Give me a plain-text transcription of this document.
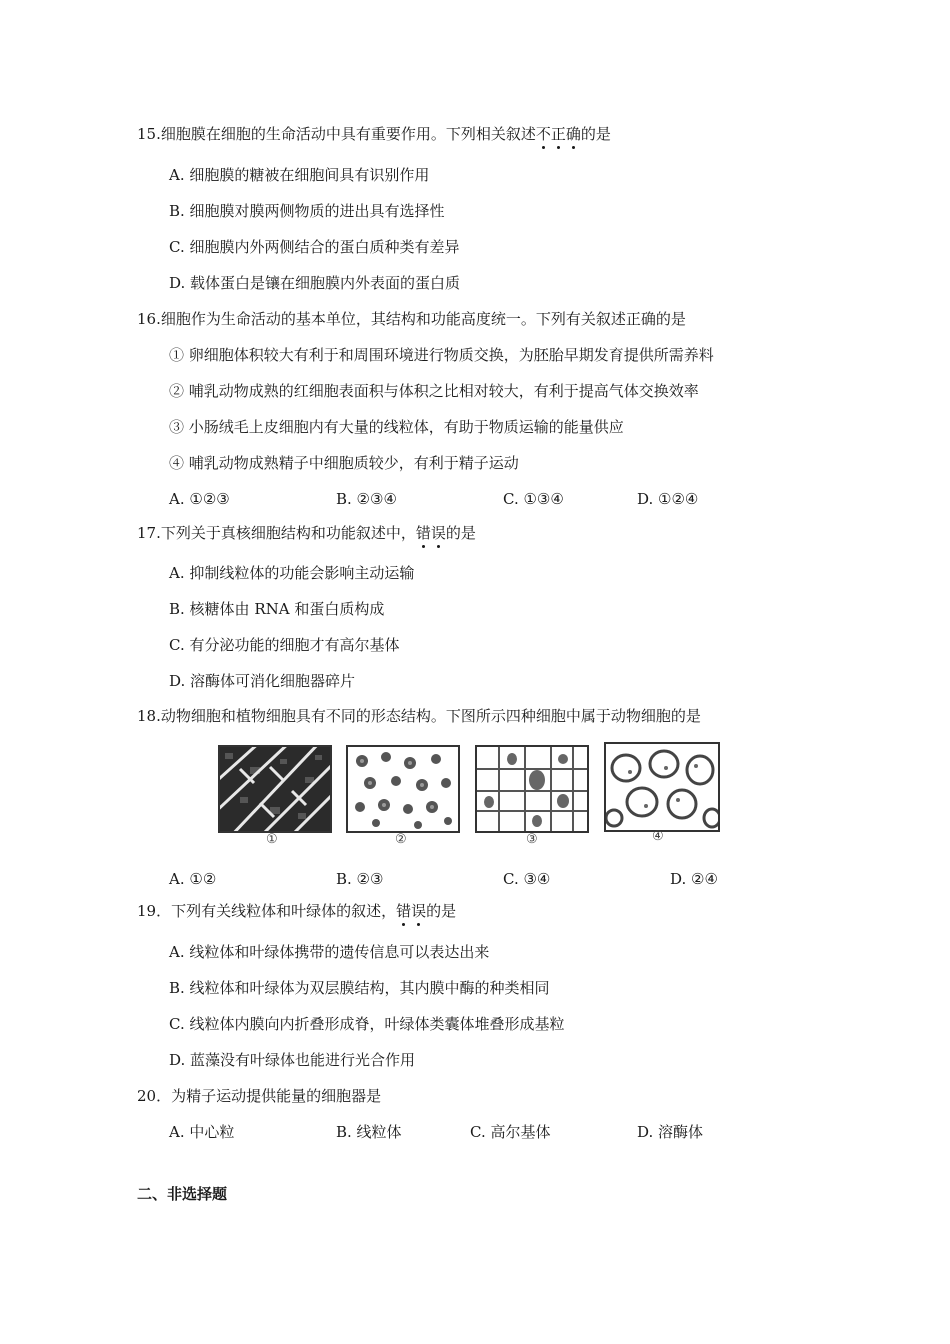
15.细胞膜在细胞的生命活动中具有重要作用。下列相关叙述不正确的是
A. 细胞膜的糖被在细胞间具有识别作用
B. 细胞膜对膜两侧物质的进出具有选择性
C. 细胞膜内外两侧结合的蛋白质种类有差异
D. 载体蛋白是镶在细胞膜内外表面的蛋白质
16.细胞作为生命活动的基本单位，其结构和功能高度统一。下列有关叙述正确的是
① 卵细胞体积较大有利于和周围环境进行物质交换，为胚胎早期发育提供所需养料
② 哺乳动物成熟的红细胞表面积与体积之比相对较大，有利于提高气体交换效率
③ 小肠绒毛上皮细胞内有大量的线粒体，有助于物质运输的能量供应
④ 哺乳动物成熟精子中细胞质较少，有利于精子运动
A. ①②③	B. ②③④	C. ①③④	D. ①②④
17.下列关于真核细胞结构和功能叙述中，错误的是
A. 抑制线粒体的功能会影响主动运输
B. 核糖体由 RNA 和蛋白质构成
C. 有分泌功能的细胞才有高尔基体
D. 溶酶体可消化细胞器碎片
18.动物细胞和植物细胞具有不同的形态结构。下图所示四种细胞中属于动物细胞的是
①	②	③	④
A. ①②	B. ②③	C. ③④	D. ②④
19．下列有关线粒体和叶绿体的叙述，错误的是
A. 线粒体和叶绿体携带的遗传信息可以表达出来
B. 线粒体和叶绿体为双层膜结构，其内膜中酶的种类相同
C. 线粒体内膜向内折叠形成脊，叶绿体类囊体堆叠形成基粒
D. 蓝藻没有叶绿体也能进行光合作用
20．为精子运动提供能量的细胞器是
A. 中心粒	B. 线粒体	C. 高尔基体	D. 溶酶体
二、非选择题
